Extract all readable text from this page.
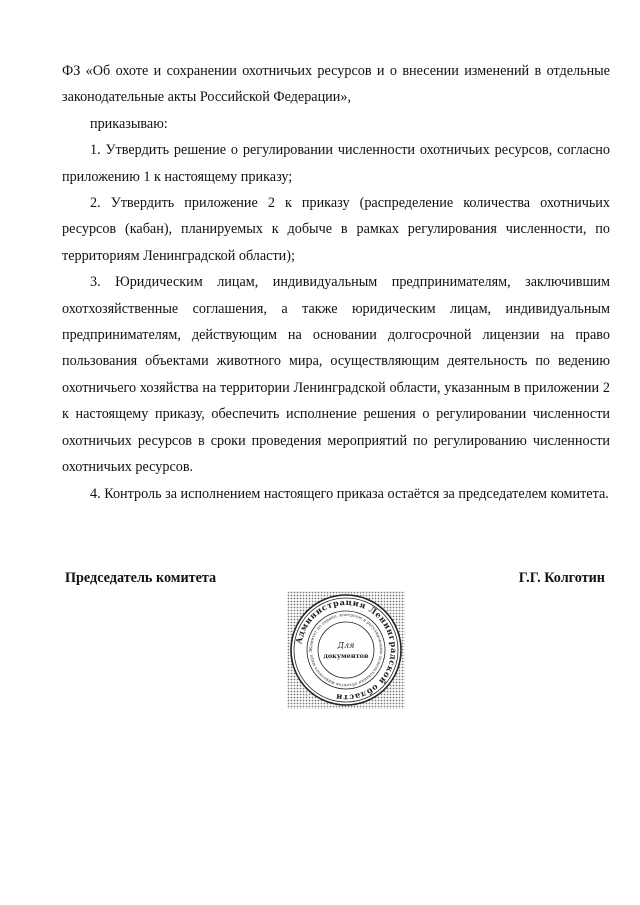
ФЗ «Об охоте и сохранении охотничьих ресурсов и о внесении изменений в отдельные законодательные акты Российской Федерации»,

приказываю:

1. Утвердить решение о регулировании численности охотничьих ресурсов, согласно приложению 1 к настоящему приказу;

2. Утвердить приложение 2 к приказу (распределение количества охотничьих ресурсов (кабан), планируемых к добыче в рамках регулирования численности, по территориям Ленинградской области);

3. Юридическим лицам, индивидуальным предпринимателям, заключившим охотхозяйственные соглашения, а также юридическим лицам, индивидуальным предпринимателям, действующим на основании долгосрочной лицензии на право пользования объектами животного мира, осуществляющим деятельность по ведению охотничьего хозяйства на территории Ленинградской области, указанным в приложении 2 к настоящему приказу, обеспечить исполнение решения о регулировании численности охотничьих ресурсов в сроки проведения мероприятий по регулированию численности охотничьих ресурсов.

4. Контроль за исполнением настоящего приказа остаётся за председателем комитета.

Председатель комитета	Г.Г. Колготин
Администрация Ленинградской области
Комитет по охране, контролю и регулированию использования объектов животного мира Л
Для
документов
